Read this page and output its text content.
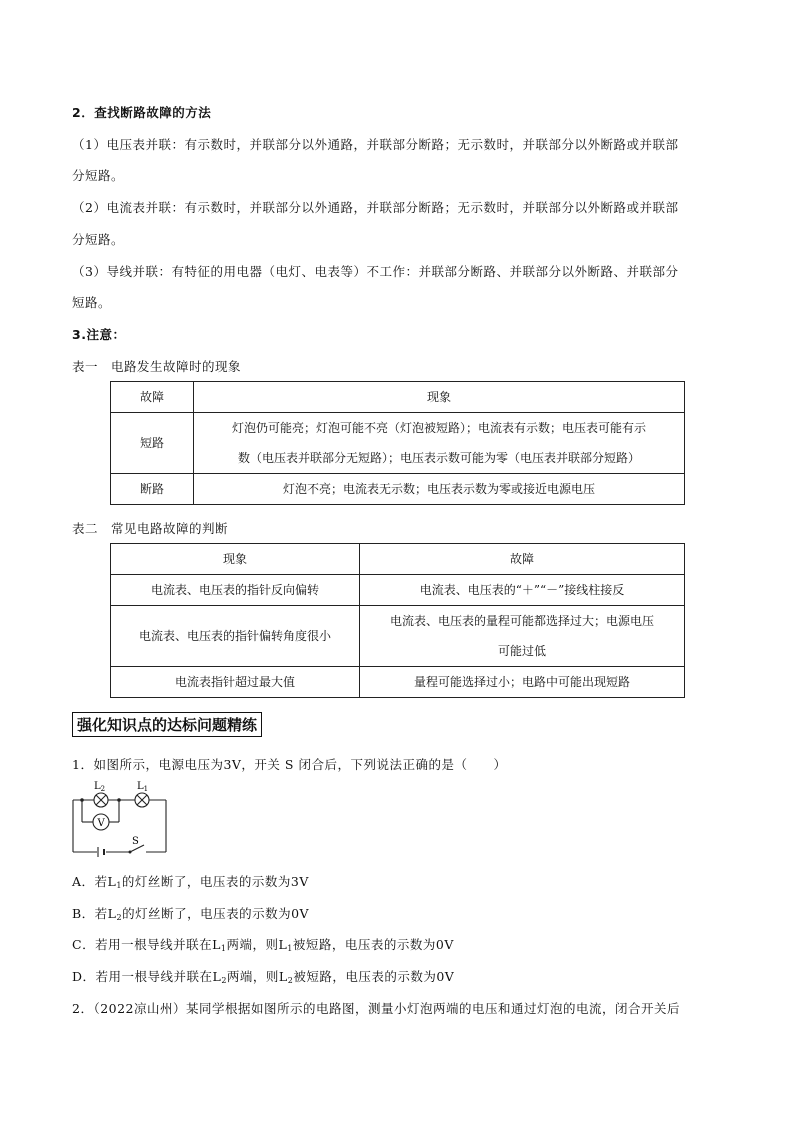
2．查找断路故障的方法
（1）电压表并联：有示数时，并联部分以外通路，并联部分断路；无示数时，并联部分以外断路或并联部
分短路。
（2）电流表并联：有示数时，并联部分以外通路，并联部分断路；无示数时，并联部分以外断路或并联部
分短路。
（3）导线并联：有特征的用电器（电灯、电表等）不工作：并联部分断路、并联部分以外断路、并联部分
短路。
3.注意：
表一　电路发生故障时的现象
故障	现象
短路	灯泡仍可能亮；灯泡可能不亮（灯泡被短路）；电流表有示数；电压表可能有示
数（电压表并联部分无短路）；电压表示数可能为零（电压表并联部分短路）

断路	灯泡不亮；电流表无示数；电压表示数为零或接近电源电压
表二　常见电路故障的判断
现象	故障
电流表、电压表的指针反向偏转	电流表、电压表的“＋”“－”接线柱接反
电流表、电压表的指针偏转角度很小	电流表、电压表的量程可能都选择过大；电源电压
可能过低

电流表指针超过最大值	量程可能选择过小；电路中可能出现短路
强化知识点的达标问题精练
1．如图所示，电源电压为3V，开关 S 闭合后，下列说法正确的是（　　）
V
$L_2$	$L_1$
S
A．若$L_1$的灯丝断了，电压表的示数为3V
B．若$L_2$的灯丝断了，电压表的示数为0V
C．若用一根导线并联在$L_1$两端，则$L_1$被短路，电压表的示数为0V
D．若用一根导线并联在$L_2$两端，则$L_2$被短路，电压表的示数为0V
2．（2022凉山州）某同学根据如图所示的电路图，测量小灯泡两端的电压和通过灯泡的电流，闭合开关后
